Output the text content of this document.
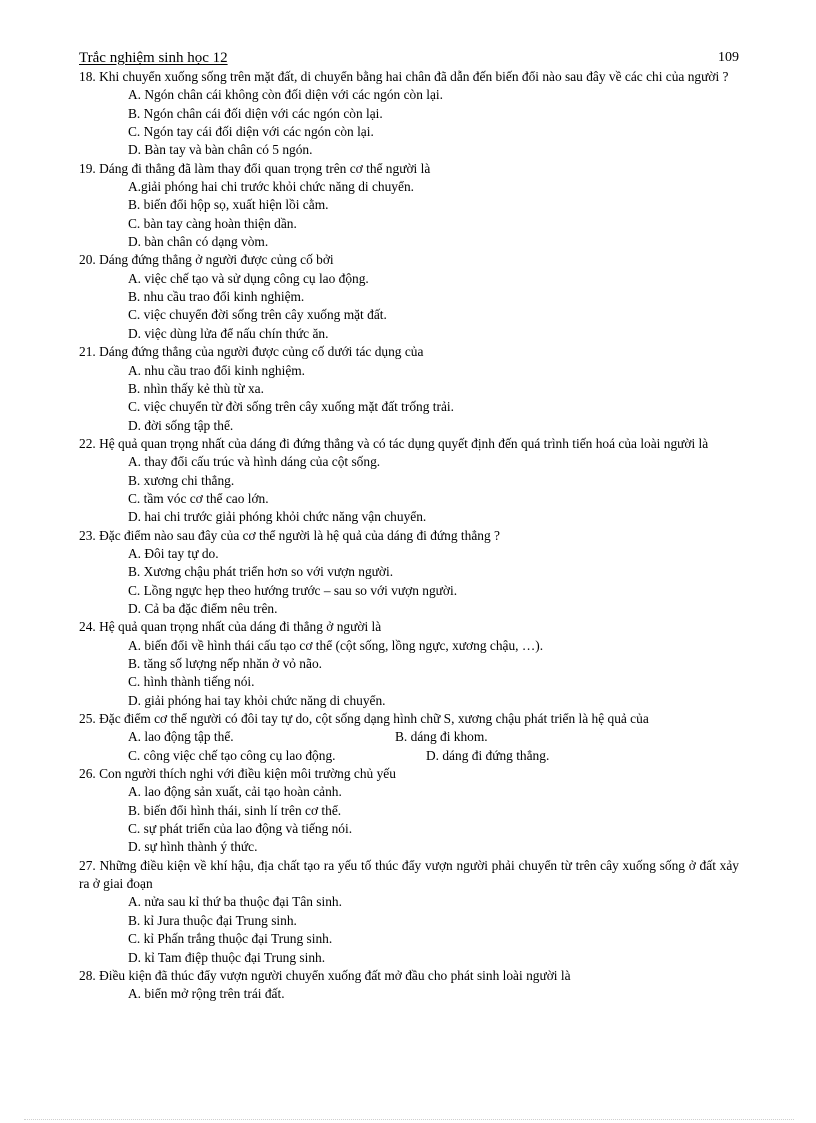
Trắc nghiệm sinh học 12	109
18. Khi chuyển xuống sống trên mặt đất, di chuyển bằng hai chân đã dẫn đến biến đổi nào sau đây về các chi của người ?
A. Ngón chân cái không còn đối diện với các ngón còn lại.
B. Ngón chân cái đối diện với các ngón còn lại.
C. Ngón tay cái đối diện với các ngón còn lại.
D. Bàn tay và bàn chân có 5 ngón.
19. Dáng đi thẳng đã làm thay đổi quan trọng trên cơ thể người là
A.giải phóng hai chi trước khỏi chức năng di chuyển.
B. biến đổi hộp sọ, xuất hiện lồi cằm.
C. bàn tay càng hoàn thiện dần.
D. bàn chân có dạng vòm.
20. Dáng đứng thẳng ở người được củng cố bởi
A. việc chế tạo và sử dụng công cụ lao động.
B. nhu cầu trao đổi kinh nghiệm.
C. việc chuyển đời sống trên cây xuống mặt đất.
D. việc dùng lửa để nấu chín thức ăn.
21. Dáng đứng thẳng của người được củng cố dưới tác dụng của
A. nhu cầu trao đổi kinh nghiệm.
B. nhìn thấy kẻ thù từ xa.
C. việc chuyển từ đời sống trên cây xuống mặt đất trống trải.
D. đời sống tập thể.
22. Hệ quả quan trọng nhất của dáng đi đứng thẳng và có tác dụng quyết định đến quá trình tiến hoá của loài người là
A. thay đổi cấu trúc và hình dáng của cột sống.
B. xương chi thẳng.
C. tầm vóc cơ thể cao lớn.
D. hai chi trước giải phóng khỏi chức năng vận chuyển.
23. Đặc điểm nào sau đây của cơ thể người là hệ quả của dáng đi đứng thẳng ?
A. Đôi tay tự do.
B. Xương chậu phát triển hơn so với vượn người.
C. Lồng ngực hẹp theo hướng trước – sau so với vượn người.
D. Cả ba đặc điểm nêu trên.
24. Hệ quả quan trọng nhất của dáng đi thẳng ở người là
A. biến đổi về hình thái cấu tạo cơ thể (cột sống, lồng ngực, xương chậu, …).
B. tăng số lượng nếp nhăn ở vỏ não.
C. hình thành tiếng nói.
D. giải phóng hai tay khỏi chức năng di chuyển.
25. Đặc điểm cơ thể người có đôi tay tự do, cột sống dạng hình chữ S, xương chậu phát triển là hệ quả của
A. lao động tập thể.	B. dáng đi khom.
C. công việc chế tạo công cụ lao động.	D. dáng đi đứng thẳng.
26. Con người thích nghi với điều kiện môi trường chủ yếu
A. lao động sản xuất, cải tạo hoàn cảnh.
B. biến đổi hình thái, sinh lí trên cơ thể.
C. sự phát triển của lao động và tiếng nói.
D. sự hình thành ý thức.
27. Những điều kiện về khí hậu, địa chất tạo ra yếu tố thúc đẩy vượn người phải chuyển từ trên cây xuống sống ở đất xảy ra ở giai đoạn
A. nửa sau kỉ thứ ba thuộc đại Tân sinh.
B. kỉ Jura thuộc đại Trung sinh.
C. kỉ Phấn trắng thuộc đại Trung sinh.
D. kỉ Tam điệp thuộc đại Trung sinh.
28. Điều kiện đã thúc đẩy vượn người chuyển xuống đất mở đầu cho phát sinh loài người là
A. biển mở rộng trên trái đất.
